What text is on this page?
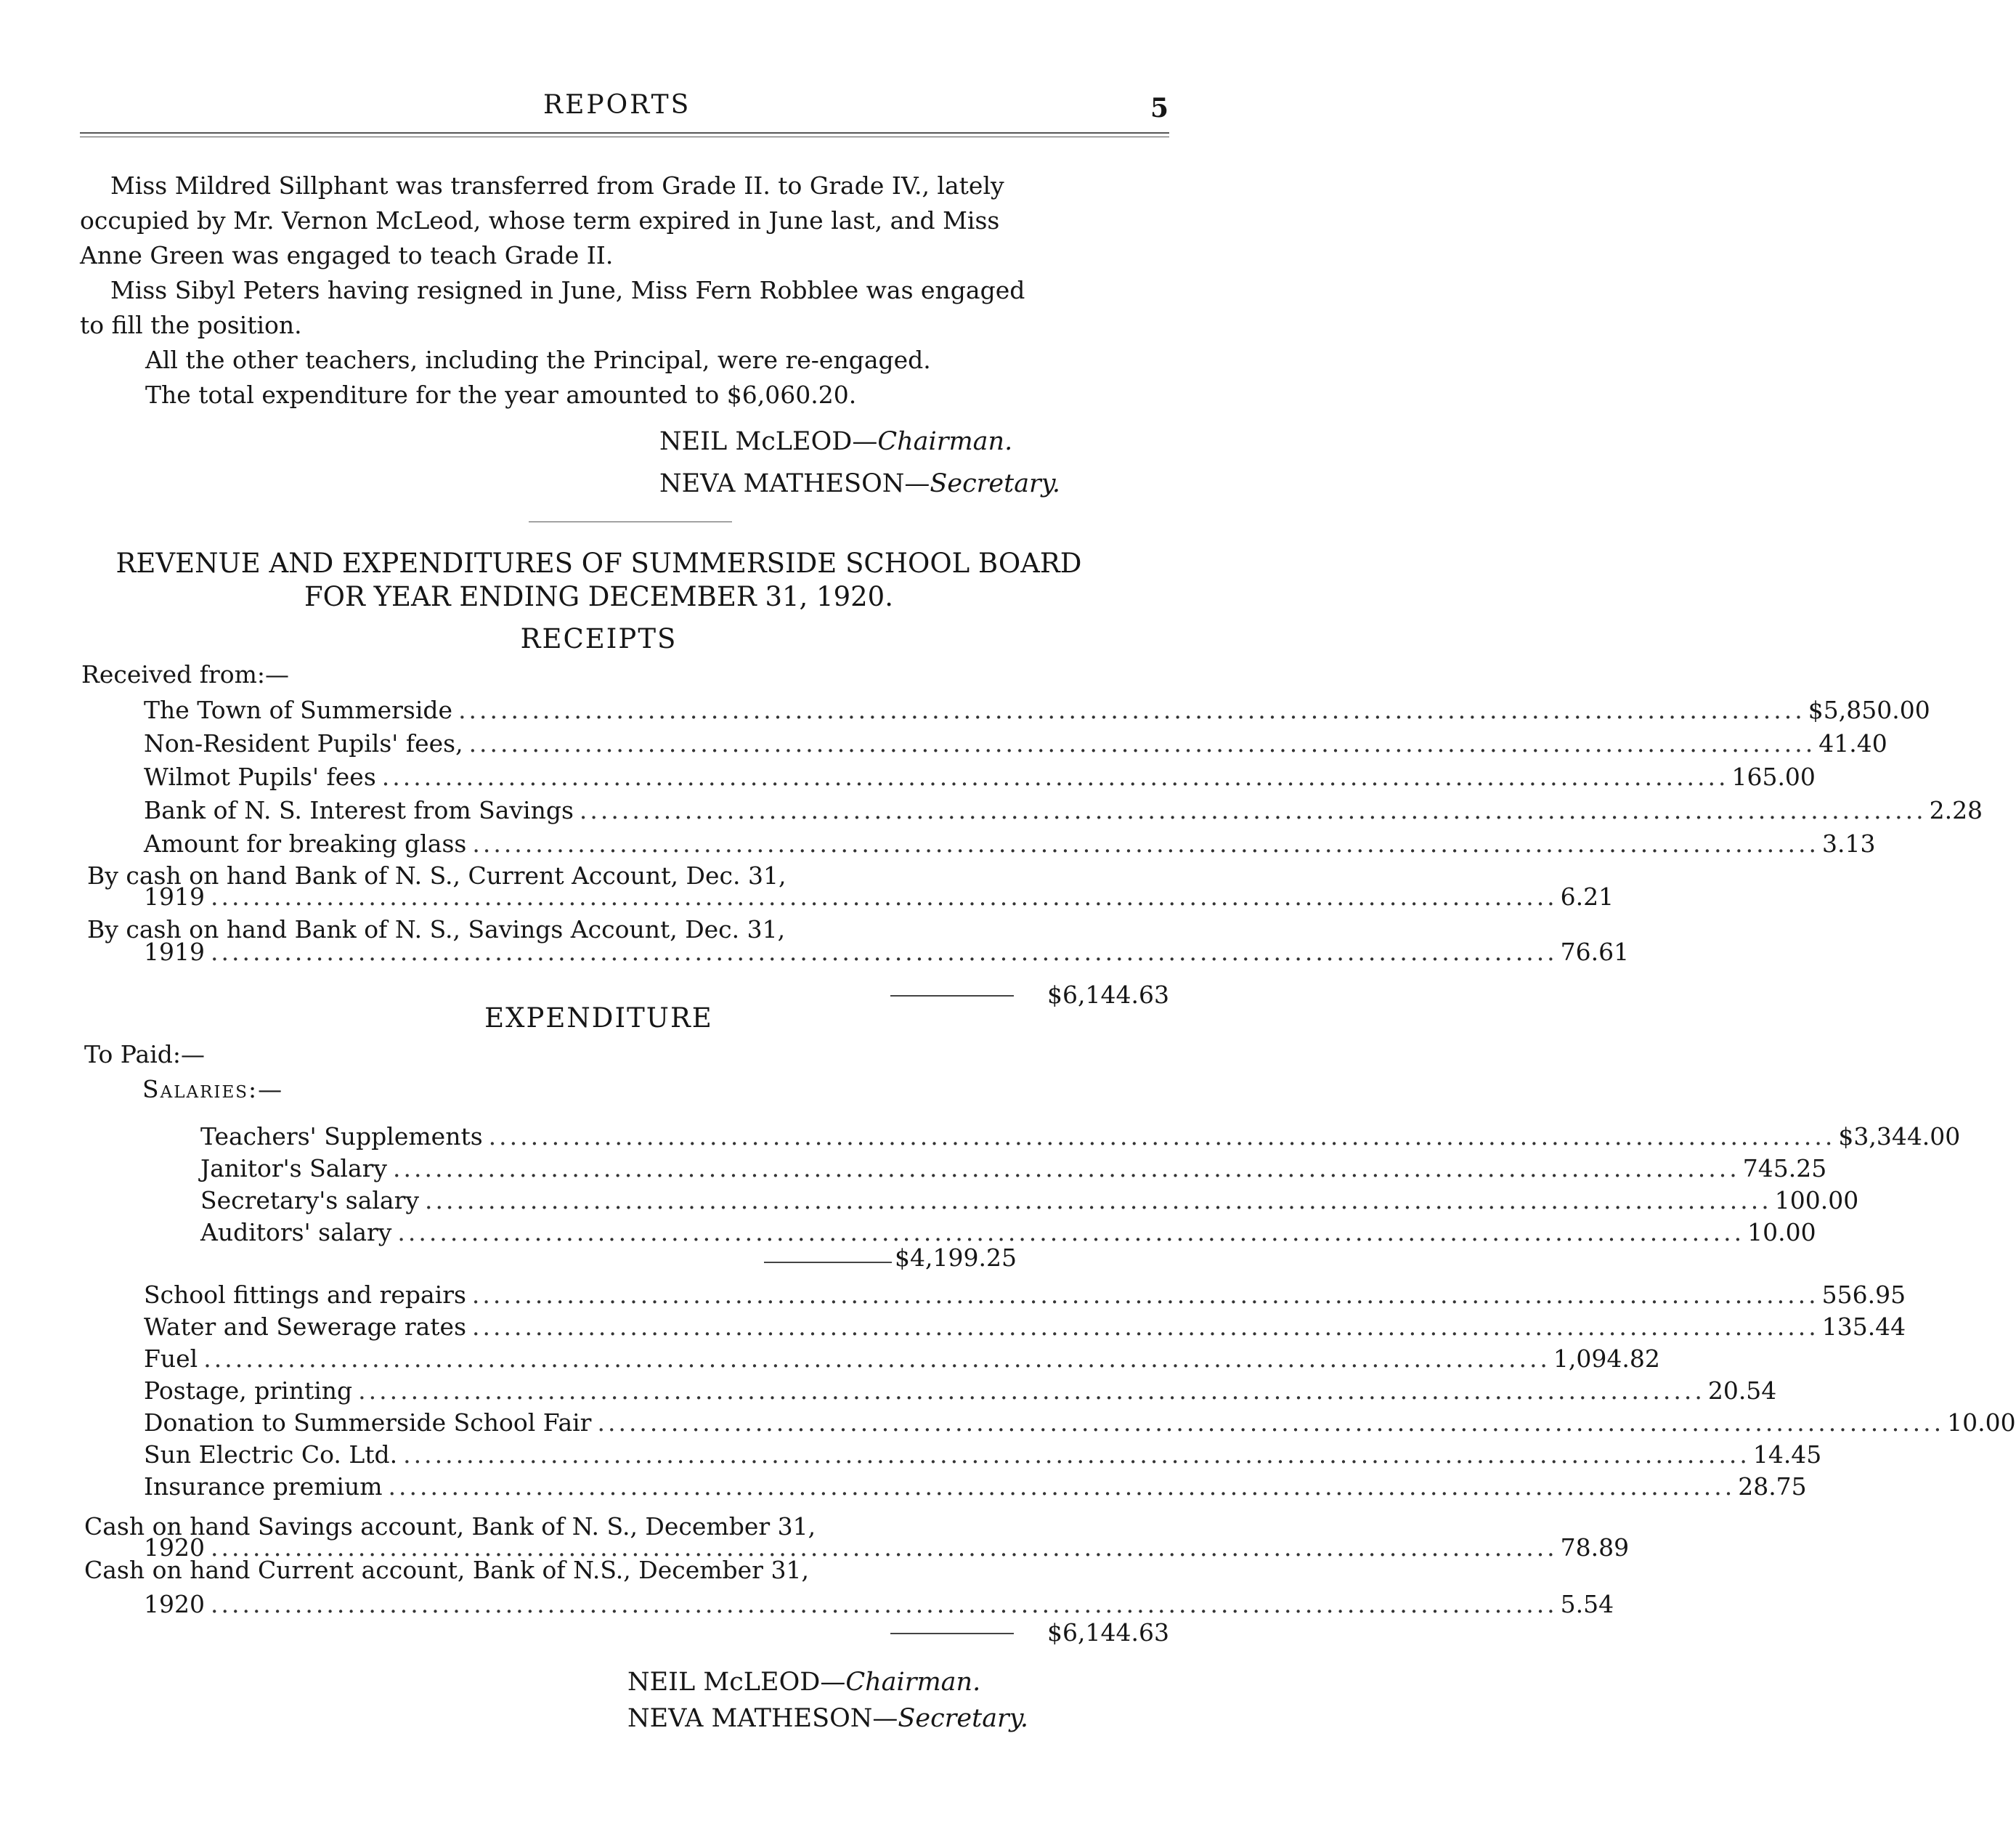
REPORTS	5
Miss Mildred Sillphant was transferred from Grade II. to Grade IV., lately
occupied by Mr. Vernon McLeod, whose term expired in June last, and Miss
Anne Green was engaged to teach Grade II.
Miss Sibyl Peters having resigned in June, Miss Fern Robblee was engaged
to fill the position.
All the other teachers, including the Principal, were re-engaged.
The total expenditure for the year amounted to $6,060.20.
NEIL McLEOD—Chairman.
NEVA MATHESON—Secretary.
REVENUE AND EXPENDITURES OF SUMMERSIDE SCHOOL BOARD
FOR YEAR ENDING DECEMBER 31, 1920.
RECEIPTS
Received from:—
The Town of Summerside ................................................................................................................................ $5,850.00
Non-Resident Pupils' fees, ................................................................................................................................ 41.40
Wilmot Pupils' fees ................................................................................................................................ 165.00
Bank of N. S. Interest from Savings ................................................................................................................................ 2.28
Amount for breaking glass ................................................................................................................................ 3.13
By cash on hand Bank of N. S., Current Account, Dec. 31,
1919 ................................................................................................................................ 6.21
By cash on hand Bank of N. S., Savings Account, Dec. 31,
1919 ................................................................................................................................ 76.61
$6,144.63
EXPENDITURE
To Paid:—
Salaries:—
Teachers' Supplements ................................................................................................................................ $3,344.00
Janitor's Salary ................................................................................................................................ 745.25
Secretary's salary ................................................................................................................................ 100.00
Auditors' salary ................................................................................................................................ 10.00
$4,199.25
School fittings and repairs ................................................................................................................................ 556.95
Water and Sewerage rates ................................................................................................................................ 135.44
Fuel ................................................................................................................................ 1,094.82
Postage, printing ................................................................................................................................ 20.54
Donation to Summerside School Fair ................................................................................................................................ 10.00
Sun Electric Co. Ltd. ................................................................................................................................ 14.45
Insurance premium ................................................................................................................................ 28.75
Cash on hand Savings account, Bank of N. S., December 31,
1920 ................................................................................................................................ 78.89
Cash on hand Current account, Bank of N.S., December 31,
1920 ................................................................................................................................ 5.54
$6,144.63
NEIL McLEOD—Chairman.
NEVA MATHESON—Secretary.
